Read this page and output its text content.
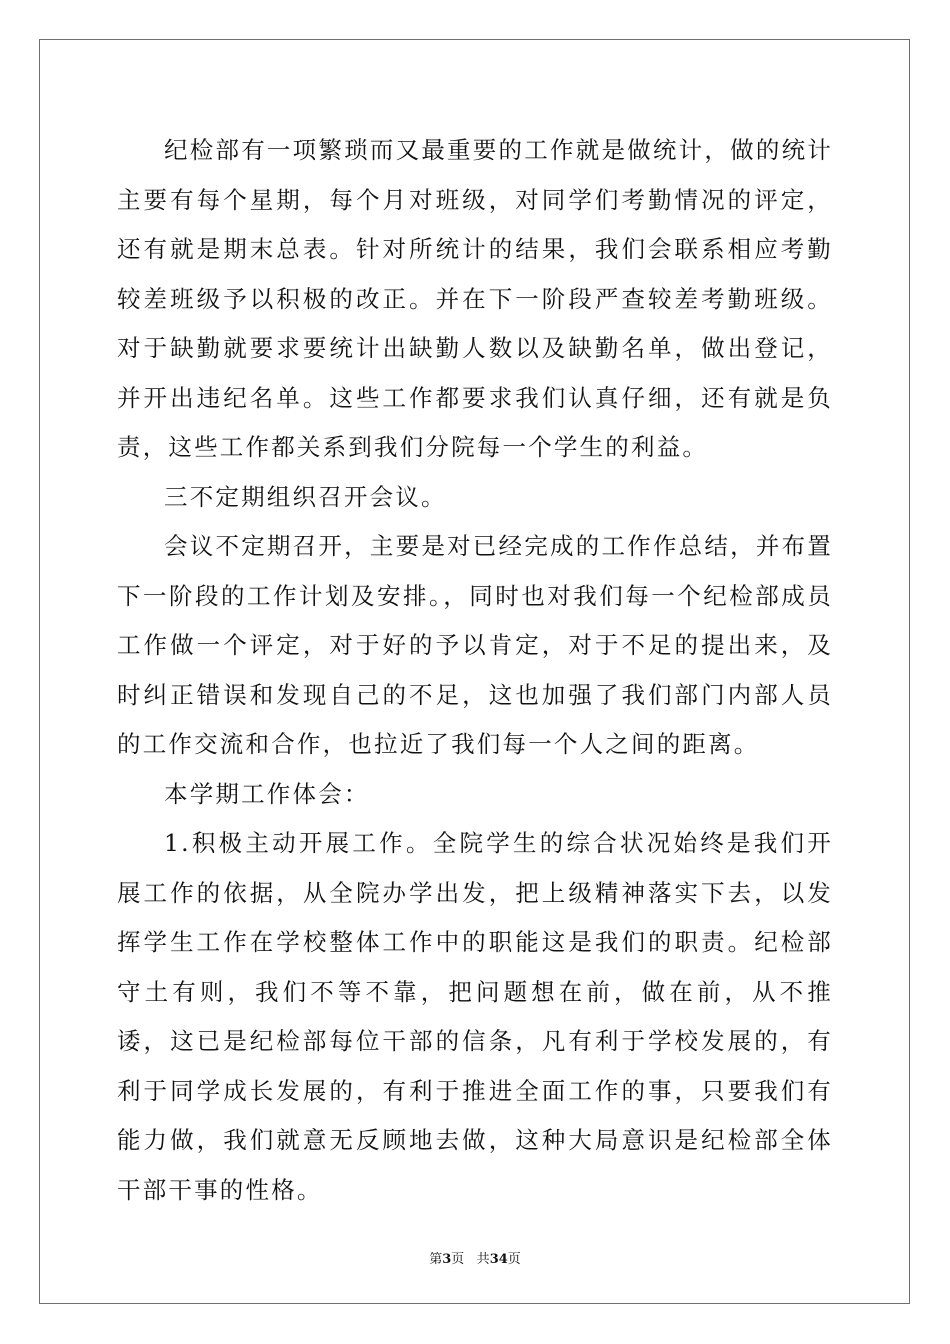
纪检部有一项繁琐而又最重要的工作就是做统计，做的统计主要有每个星期，每个月对班级，对同学们考勤情况的评定，还有就是期末总表。针对所统计的结果，我们会联系相应考勤较差班级予以积极的改正。并在下一阶段严查较差考勤班级。对于缺勤就要求要统计出缺勤人数以及缺勤名单，做出登记，并开出违纪名单。这些工作都要求我们认真仔细，还有就是负责，这些工作都关系到我们分院每一个学生的利益。

三不定期组织召开会议。

会议不定期召开，主要是对已经完成的工作作总结，并布置下一阶段的工作计划及安排。，同时也对我们每一个纪检部成员工作做一个评定，对于好的予以肯定，对于不足的提出来，及时纠正错误和发现自己的不足，这也加强了我们部门内部人员的工作交流和合作，也拉近了我们每一个人之间的距离。

本学期工作体会：

1.积极主动开展工作。全院学生的综合状况始终是我们开展工作的依据，从全院办学出发，把上级精神落实下去，以发挥学生工作在学校整体工作中的职能这是我们的职责。纪检部守土有则，我们不等不靠，把问题想在前，做在前，从不推诿，这已是纪检部每位干部的信条，凡有利于学校发展的，有利于同学成长发展的，有利于推进全面工作的事，只要我们有能力做，我们就意无反顾地去做，这种大局意识是纪检部全体干部干事的性格。

第3页 共34页
